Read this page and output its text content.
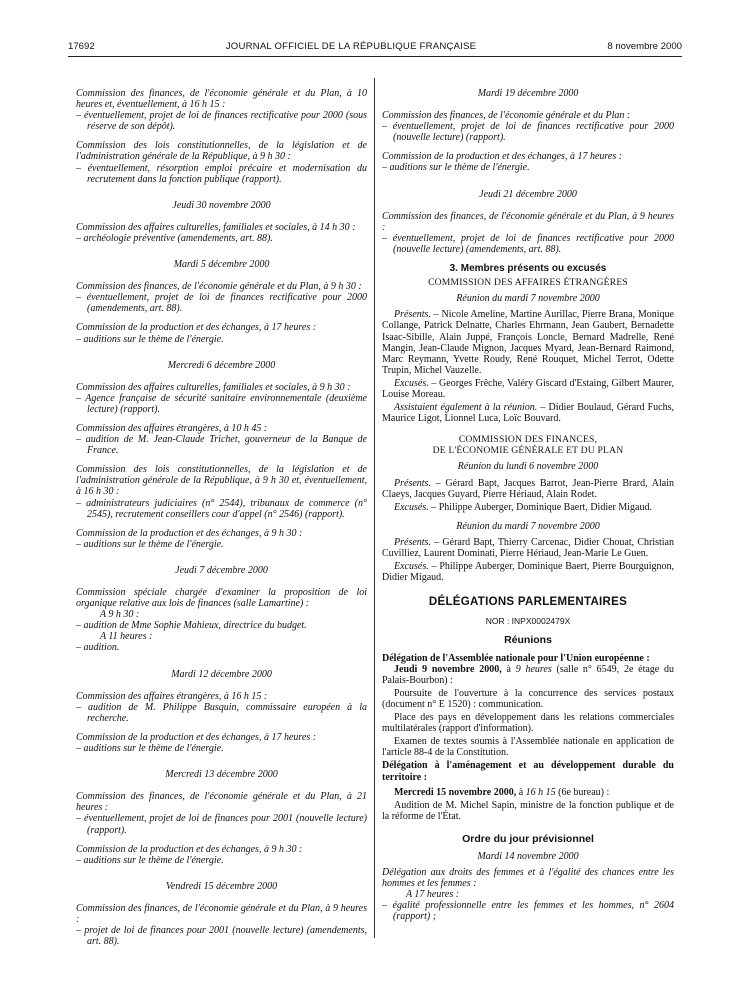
17692	JOURNAL OFFICIEL DE LA RÉPUBLIQUE FRANÇAISE	8 novembre 2000
Commission des finances, de l'économie générale et du Plan, à 10 heures et, éventuellement, à 16 h 15 :
– éventuellement, projet de loi de finances rectificative pour 2000 (sous réserve de son dépôt).
Commission des lois constitutionnelles, de la législation et de l'administration générale de la République, à 9 h 30 :
– éventuellement, résorption emploi précaire et modernisation du recrutement dans la fonction publique (rapport).
Jeudi 30 novembre 2000
Commission des affaires culturelles, familiales et sociales, à 14 h 30 :
– archéologie préventive (amendements, art. 88).
Mardi 5 décembre 2000
Commission des finances, de l'économie générale et du Plan, à 9 h 30 :
– éventuellement, projet de loi de finances rectificative pour 2000 (amendements, art. 88).
Commission de la production et des échanges, à 17 heures :
– auditions sur le thème de l'énergie.
Mercredi 6 décembre 2000
Commission des affaires culturelles, familiales et sociales, à 9 h 30 :
– Agence française de sécurité sanitaire environnementale (deuxième lecture) (rapport).
Commission des affaires étrangères, à 10 h 45 :
– audition de M. Jean-Claude Trichet, gouverneur de la Banque de France.
Commission des lois constitutionnelles, de la législation et de l'administration générale de la République, à 9 h 30 et, éventuellement, à 16 h 30 :
– administrateurs judiciaires (n° 2544), tribunaux de commerce (n° 2545), recrutement conseillers cour d'appel (n° 2546) (rapport).
Commission de la production et des échanges, à 9 h 30 :
– auditions sur le thème de l'énergie.
Jeudi 7 décembre 2000
Commission spéciale chargée d'examiner la proposition de loi organique relative aux lois de finances (salle Lamartine) :
A 9 h 30 :
– audition de Mme Sophie Mahieux, directrice du budget.
A 11 heures :
– audition.
Mardi 12 décembre 2000
Commission des affaires étrangères, à 16 h 15 :
– audition de M. Philippe Busquin, commissaire européen à la recherche.
Commission de la production et des échanges, à 17 heures :
– auditions sur le thème de l'énergie.
Mercredi 13 décembre 2000
Commission des finances, de l'économie générale et du Plan, à 21 heures :
– éventuellement, projet de loi de finances pour 2001 (nouvelle lecture) (rapport).
Commission de la production et des échanges, à 9 h 30 :
– auditions sur le thème de l'énergie.
Vendredi 15 décembre 2000
Commission des finances, de l'économie générale et du Plan, à 9 heures :
– projet de loi de finances pour 2001 (nouvelle lecture) (amendements, art. 88).
Mardi 19 décembre 2000
Commission des finances, de l'économie générale et du Plan :
– éventuellement, projet de loi de finances rectificative pour 2000 (nouvelle lecture) (rapport).
Commission de la production et des échanges, à 17 heures :
– auditions sur le thème de l'énergie.
Jeudi 21 décembre 2000
Commission des finances, de l'économie générale et du Plan, à 9 heures :
– éventuellement, projet de loi de finances rectificative pour 2000 (nouvelle lecture) (amendements, art. 88).
3. Membres présents ou excusés
COMMISSION DES AFFAIRES ÉTRANGÈRES
Réunion du mardi 7 novembre 2000
Présents. – Nicole Ameline, Martine Aurillac, Pierre Brana, Monique Collange, Patrick Delnatte, Charles Ehrmann, Jean Gaubert, Bernadette Isaac-Sibille, Alain Juppé, François Loncle, Bernard Madrelle, René Mangin, Jean-Claude Mignon, Jacques Myard, Jean-Bernard Raimond, Marc Reymann, Yvette Roudy, René Rouquet, Michel Terrot, Odette Trupin, Michel Vauzelle.
Excusés. – Georges Frêche, Valéry Giscard d'Estaing, Gilbert Maurer, Louise Moreau.
Assistaient également à la réunion. – Didier Boulaud, Gérard Fuchs, Maurice Ligot, Lionnel Luca, Loïc Bouvard.
COMMISSION DES FINANCES,
DE L'ÉCONOMIE GÉNÉRALE ET DU PLAN
Réunion du lundi 6 novembre 2000
Présents. – Gérard Bapt, Jacques Barrot, Jean-Pierre Brard, Alain Claeys, Jacques Guyard, Pierre Hériaud, Alain Rodet.
Excusés. – Philippe Auberger, Dominique Baert, Didier Migaud.
Réunion du mardi 7 novembre 2000
Présents. – Gérard Bapt, Thierry Carcenac, Didier Chouat, Christian Cuvilliez, Laurent Dominati, Pierre Hériaud, Jean-Marie Le Guen.
Excusés. – Philippe Auberger, Dominique Baert, Pierre Bourguignon, Didier Migaud.
DÉLÉGATIONS PARLEMENTAIRES
NOR : INPX0002479X
Réunions
Délégation de l'Assemblée nationale pour l'Union européenne :
Jeudi 9 novembre 2000, à 9 heures (salle n° 6549, 2e étage du Palais-Bourbon) :
Poursuite de l'ouverture à la concurrence des services postaux (document n° E 1520) : communication.
Place des pays en développement dans les relations commerciales multilatérales (rapport d'information).
Examen de textes soumis à l'Assemblée nationale en application de l'article 88-4 de la Constitution.
Délégation à l'aménagement et au développement durable du territoire :
Mercredi 15 novembre 2000, à 16 h 15 (6e bureau) :
Audition de M. Michel Sapin, ministre de la fonction publique et de la réforme de l'État.
Ordre du jour prévisionnel
Mardi 14 novembre 2000
Délégation aux droits des femmes et à l'égalité des chances entre les hommes et les femmes :
A 17 heures :
– égalité professionnelle entre les femmes et les hommes, n° 2604 (rapport) ;
